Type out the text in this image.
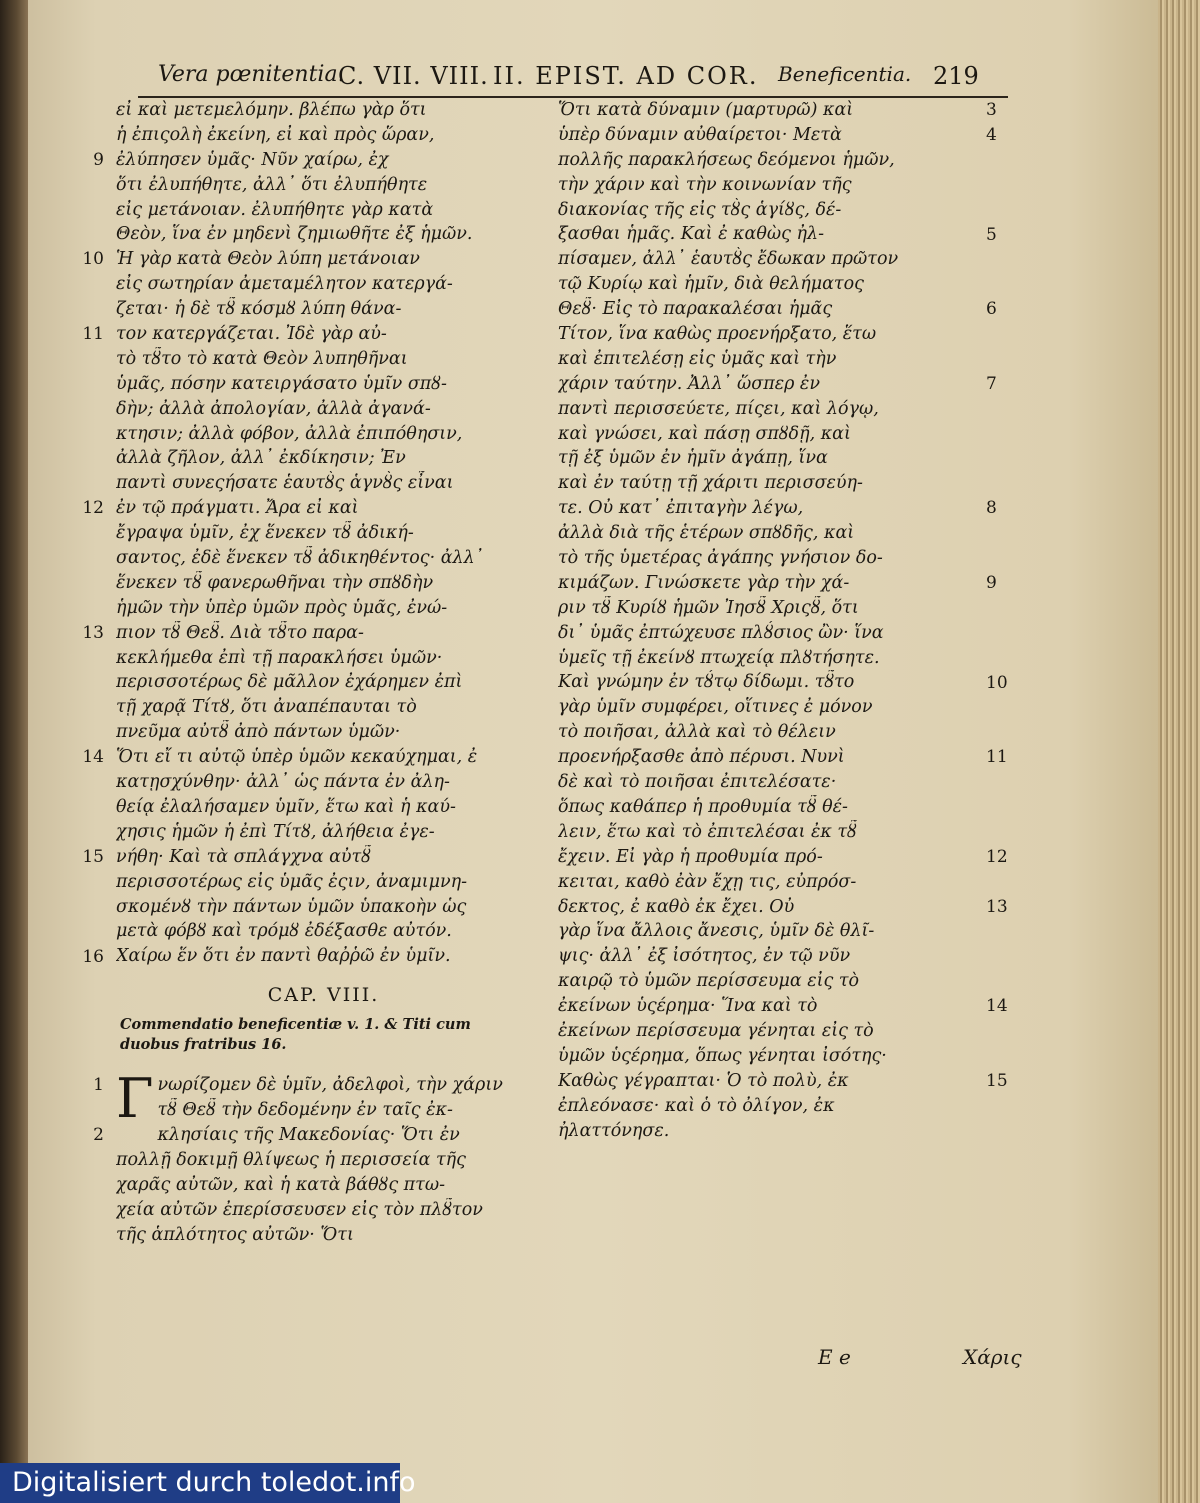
Vera pœnitentia.
C. VII. VIII. II. EPIST. AD COR. Beneficentia. 219
εἰ καὶ μετεμελόμην. βλέπω γὰρ ὅτι
ἡ ἐπιςολὴ ἐκείνη, εἰ καὶ πρὸς ὥραν,
ἐλύπησεν ὑμᾶς· Νῦν χαίρω, ἐχ
ὅτι ἐλυπήθητε, ἀλλ᾽ ὅτι ἐλυπήθητε
εἰς μετάνοιαν. ἐλυπήθητε γὰρ κατὰ
Θεὸν, ἵνα ἐν μηδενὶ ζημιωθῆτε ἐξ ἡμῶν.
Ἡ γὰρ κατὰ Θεὸν λύπη μετάνοιαν
εἰς σωτηρίαν ἀμεταμέλητον κατεργά-
ζεται· ἡ δὲ τȣ̃ κόσμȣ λύπη θάνα-
τον κατεργάζεται. Ἰδὲ γὰρ αὐ-
τὸ τȣ̃το τὸ κατὰ Θεὸν λυπηθῆναι
ὑμᾶς, πόσην κατειργάσατο ὑμῖν σπȣ-
δὴν; ἀλλὰ ἀπολογίαν, ἀλλὰ ἀγανά-
κτησιν; ἀλλὰ φόβον, ἀλλὰ ἐπιπόθησιν,
ἀλλὰ ζῆλον, ἀλλ᾽ ἐκδίκησιν; Ἐν
παντὶ συνεςήσατε ἑαυτȣ̀ς ἁγνȣ̀ς εἶναι
ἐν τῷ πράγματι. Ἄρα εἰ καὶ
ἔγραψα ὑμῖν, ἐχ ἕνεκεν τȣ̃ ἀδική-
σαντος, ἐδὲ ἕνεκεν τȣ̃ ἀδικηθέντος· ἀλλ᾽
ἕνεκεν τȣ̃ φανερωθῆναι τὴν σπȣδὴν
ἡμῶν τὴν ὑπὲρ ὑμῶν πρὸς ὑμᾶς, ἐνώ-
πιον τȣ̃ Θεȣ̃. Διὰ τȣ̃το παρα-
κεκλήμεθα ἐπὶ τῇ παρακλήσει ὑμῶν·
περισσοτέρως δὲ μᾶλλον ἐχάρημεν ἐπὶ
τῇ χαρᾷ Τίτȣ, ὅτι ἀναπέπαυται τὸ
πνεῦμα αὐτȣ̃ ἀπὸ πάντων ὑμῶν·
Ὅτι εἴ τι αὐτῷ ὑπὲρ ὑμῶν κεκαύχημαι, ἐ
κατῃσχύνθην· ἀλλ᾽ ὡς πάντα ἐν ἀλη-
θείᾳ ἐλαλήσαμεν ὑμῖν, ἕτω καὶ ἡ καύ-
χησις ἡμῶν ἡ ἐπὶ Τίτȣ, ἀλήθεια ἐγε-
νήθη· Καὶ τὰ σπλάγχνα αὐτȣ̃
περισσοτέρως εἰς ὑμᾶς ἐςιν, ἀναμιμνη-
σκομένȣ τὴν πάντων ὑμῶν ὑπακοὴν ὡς
μετὰ φόβȣ καὶ τρόμȣ ἐδέξασθε αὐτόν.
Χαίρω ἕν ὅτι ἐν παντὶ θαῤῥῶ ἐν ὑμῖν.
9
10
11
12
13
14
15
16
CAP. VIII.
Commendatio beneficentiæ v. 1. & Titi cum duobus fratribus 16.
1 Γ νωρίζομεν δὲ ὑμῖν, ἀδελφοὶ, τὴν χάριν
τȣ̃ Θεȣ̃ τὴν δεδομένην ἐν ταῖς ἐκ-
2	κλησίαις τῆς Μακεδονίας· Ὅτι ἐν
πολλῇ δοκιμῇ θλίψεως ἡ περισσεία τῆς
χαρᾶς αὐτῶν, καὶ ἡ κατὰ βάθȣς πτω-
χεία αὐτῶν ἐπερίσσευσεν εἰς τὸν πλȣ̃τον
τῆς ἁπλότητος αὐτῶν· Ὅτι
Ὅτι κατὰ δύναμιν (μαρτυρῶ) καὶ
ὑπὲρ δύναμιν αὐθαίρετοι· Μετὰ
πολλῆς παρακλήσεως δεόμενοι ἡμῶν,
τὴν χάριν καὶ τὴν κοινωνίαν τῆς
διακονίας τῆς εἰς τȣ̀ς ἁγίȣς, δέ-
ξασθαι ἡμᾶς. Καὶ ἐ καθὼς ἠλ-
πίσαμεν, ἀλλ᾽ ἑαυτȣ̀ς ἔδωκαν πρῶτον
τῷ Κυρίῳ καὶ ἡμῖν, διὰ θελήματος
Θεȣ̃· Εἰς τὸ παρακαλέσαι ἡμᾶς
Τίτον, ἵνα καθὼς προενήρξατο, ἕτω
καὶ ἐπιτελέσῃ εἰς ὑμᾶς καὶ τὴν
χάριν ταύτην. Ἀλλ᾽ ὥσπερ ἐν
παντὶ περισσεύετε, πίςει, καὶ λόγῳ,
καὶ γνώσει, καὶ πάσῃ σπȣδῇ, καὶ
τῇ ἐξ ὑμῶν ἐν ἡμῖν ἀγάπῃ, ἵνα
καὶ ἐν ταύτῃ τῇ χάριτι περισσεύη-
τε. Οὐ κατ᾽ ἐπιταγὴν λέγω,
ἀλλὰ διὰ τῆς ἑτέρων σπȣδῆς, καὶ
τὸ τῆς ὑμετέρας ἀγάπης γνήσιον δο-
κιμάζων. Γινώσκετε γὰρ τὴν χά-
ριν τȣ̃ Κυρίȣ ἡμῶν Ἰησȣ̃ Χριςȣ̃, ὅτι
δι᾽ ὑμᾶς ἐπτώχευσε πλȣ́σιος ὢν· ἵνα
ὑμεῖς τῇ ἐκείνȣ πτωχείᾳ πλȣτήσητε.
Καὶ γνώμην ἐν τȣ́τῳ δίδωμι. τȣ̃το
γὰρ ὑμῖν συμφέρει, οἵτινες ἐ μόνον
τὸ ποιῆσαι, ἀλλὰ καὶ τὸ θέλειν
προενήρξασθε ἀπὸ πέρυσι. Νυνὶ
δὲ καὶ τὸ ποιῆσαι ἐπιτελέσατε·
ὅπως καθάπερ ἡ προθυμία τȣ̃ θέ-
λειν, ἕτω καὶ τὸ ἐπιτελέσαι ἐκ τȣ̃
ἔχειν. Εἰ γὰρ ἡ προθυμία πρό-
κειται, καθὸ ἐὰν ἔχῃ τις, εὐπρόσ-
δεκτος, ἐ καθὸ ἐκ ἔχει. Οὐ
γὰρ ἵνα ἄλλοις ἄνεσις, ὑμῖν δὲ θλῖ-
ψις· ἀλλ᾽ ἐξ ἰσότητος, ἐν τῷ νῦν
καιρῷ τὸ ὑμῶν περίσσευμα εἰς τὸ
ἐκείνων ὑςέρημα· Ἵνα καὶ τὸ
ἐκείνων περίσσευμα γένηται εἰς τὸ
ὑμῶν ὑςέρημα, ὅπως γένηται ἰσότης·
Καθὼς γέγραπται· Ὁ τὸ πολὺ, ἐκ
ἐπλεόνασε· καὶ ὁ τὸ ὀλίγον, ἐκ
ἠλαττόνησε.
3
4
5
6
7
8
9
10
11
12
13
14
15
E e	Χάρις
Digitalisiert durch toledot.info
